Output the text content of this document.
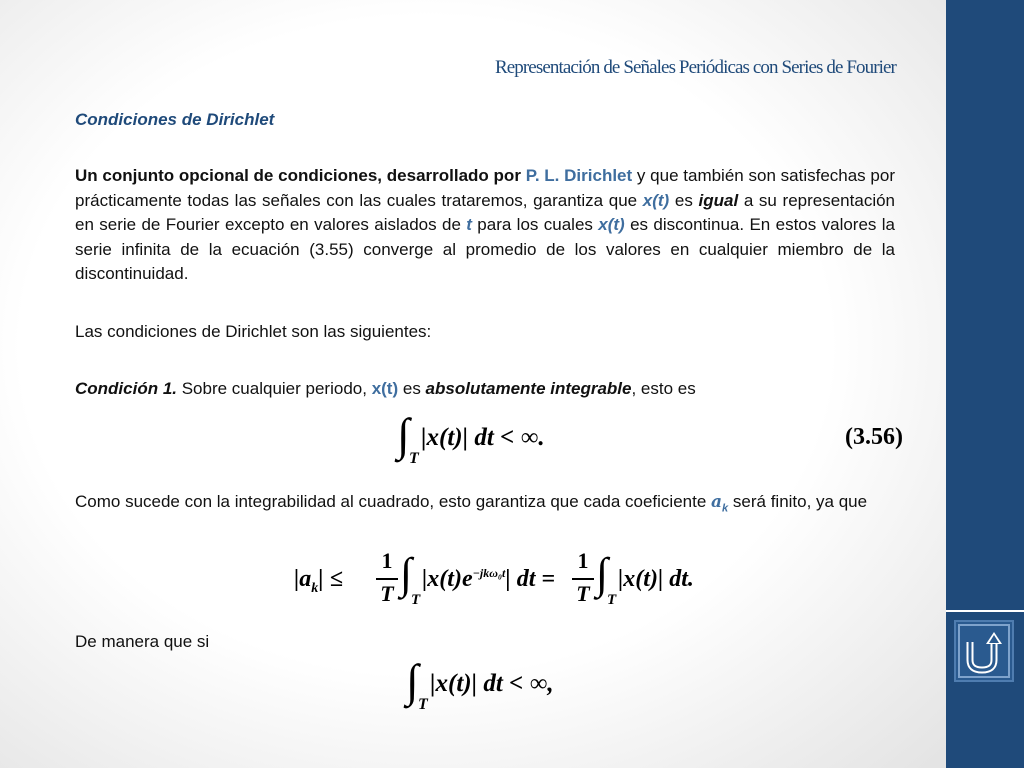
Representación de Señales Periódicas con Series de Fourier
Condiciones de Dirichlet
Un conjunto opcional de condiciones, desarrollado por P. L. Dirichlet y que también son satisfechas por prácticamente todas las señales con las cuales trataremos, garantiza que x(t) es igual a su representación en serie de Fourier excepto en valores aislados de t para los cuales x(t) es discontinua. En estos valores la serie infinita de la ecuación (3.55) converge al promedio de los valores en cualquier miembro de la discontinuidad.
Las condiciones de Dirichlet son las siguientes:
Condición 1. Sobre cualquier periodo, x(t) es absolutamente integrable, esto es
∫ T
|x(t)| dt < ∞.	(3.56)
Como sucede con la integrabilidad al cuadrado, esto garantiza que cada coeficiente $a_k$ será finito, ya que
$|a_k|$ ≤
1
T ∫
T
$|x(t)e^{-jk\omega_0t}|$ dt =
1
T ∫
T
|x(t)| dt.
De manera que si
∫ T
|x(t)| dt < ∞,
